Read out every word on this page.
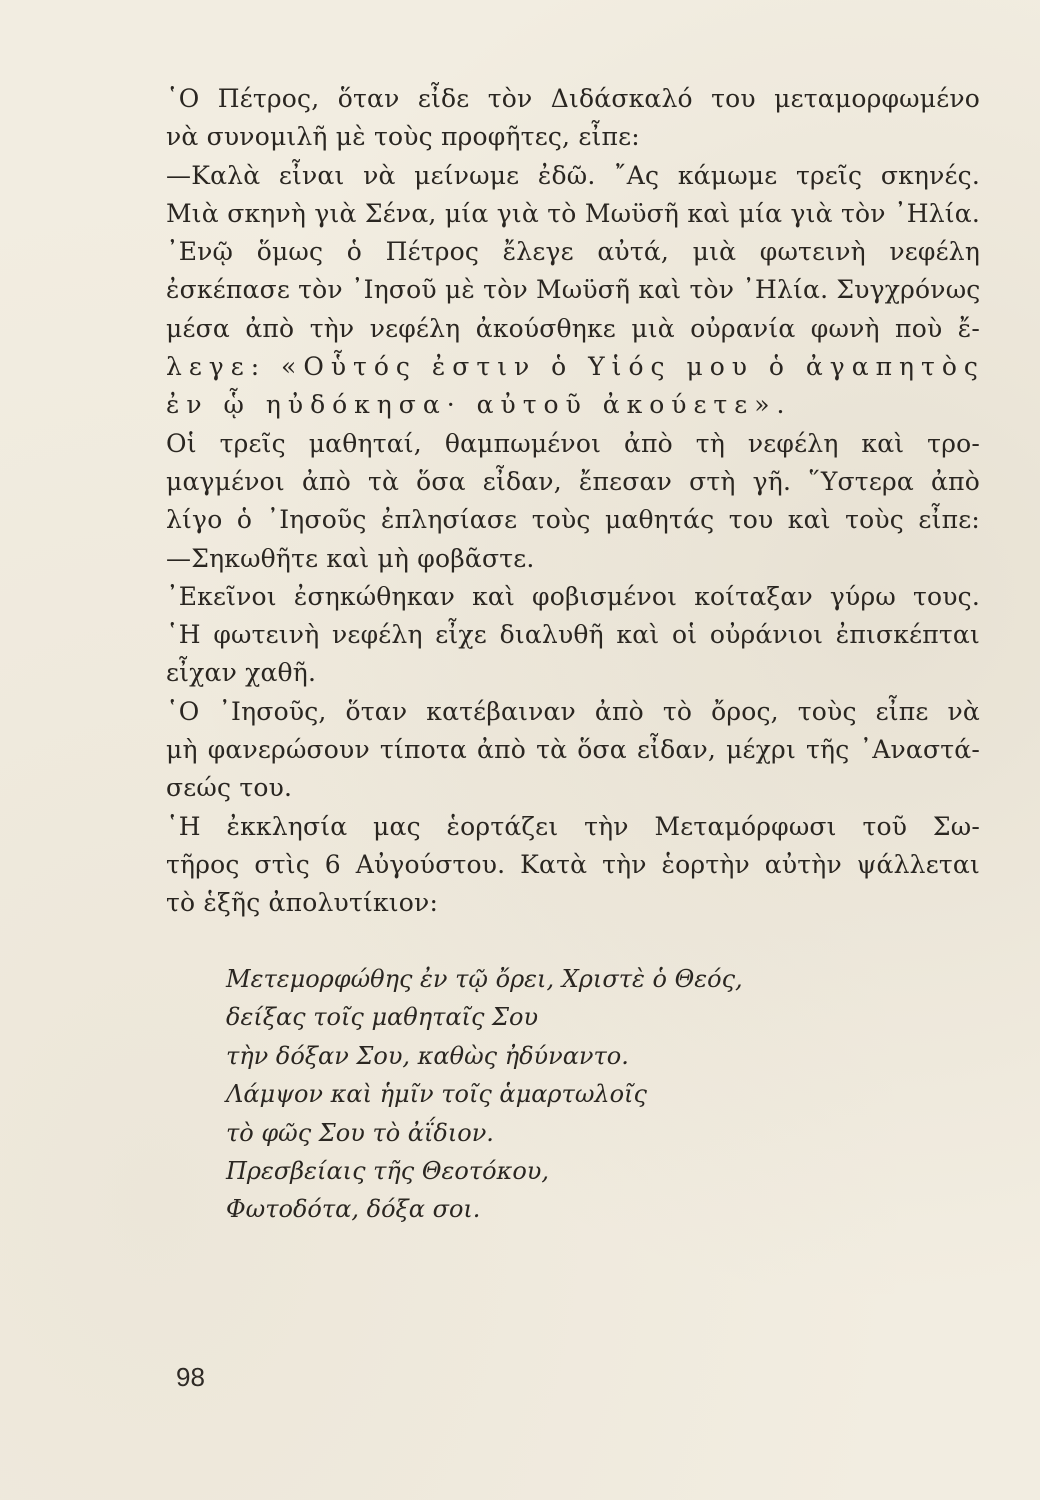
῾Ο Πέτρος, ὅταν εἶδε τὸν Διδάσκαλό του μεταμορφωμένο
νὰ συνομιλῆ μὲ τοὺς προφῆτες, εἶπε:
—Καλὰ εἶναι νὰ μείνωμε ἐδῶ. ῎Ας κάμωμε τρεῖς σκηνές.
Μιὰ σκηνὴ γιὰ Σένα, μία γιὰ τὸ Μωϋσῆ καὶ μία γιὰ τὸν ᾿Ηλία.
᾿Ενῷ ὅμως ὁ Πέτρος ἔλεγε αὐτά, μιὰ φωτεινὴ νεφέλη
ἐσκέπασε τὸν ᾿Ιησοῦ μὲ τὸν Μωϋσῆ καὶ τὸν ᾿Ηλία. Συγχρόνως
μέσα ἀπὸ τὴν νεφέλη ἀκούσθηκε μιὰ οὐρανία φωνὴ ποὺ ἔ-
λεγε: «Οὗτός ἐστιν ὁ Υἱός μου ὁ ἀγαπητὸς
ἐν ᾧ ηὐδόκησα· αὐτοῦ ἀκούετε».
Οἱ τρεῖς μαθηταί, θαμπωμένοι ἀπὸ τὴ νεφέλη καὶ τρο-
μαγμένοι ἀπὸ τὰ ὅσα εἶδαν, ἔπεσαν στὴ γῆ. ῞Υστερα ἀπὸ
λίγο ὁ ᾿Ιησοῦς ἐπλησίασε τοὺς μαθητάς του καὶ τοὺς εἶπε:
—Σηκωθῆτε καὶ μὴ φοβᾶστε.
᾿Εκεῖνοι ἐσηκώθηκαν καὶ φοβισμένοι κοίταξαν γύρω τους.
῾Η φωτεινὴ νεφέλη εἶχε διαλυθῆ καὶ οἱ οὐράνιοι ἐπισκέπται
εἶχαν χαθῆ.
῾Ο ᾿Ιησοῦς, ὅταν κατέβαιναν ἀπὸ τὸ ὄρος, τοὺς εἶπε νὰ
μὴ φανερώσουν τίποτα ἀπὸ τὰ ὅσα εἶδαν, μέχρι τῆς ᾿Αναστά-
σεώς του.
῾Η ἐκκλησία μας ἑορτάζει τὴν Μεταμόρφωσι τοῦ Σω-
τῆρος στὶς 6 Αὐγούστου. Κατὰ τὴν ἑορτὴν αὐτὴν ψάλλεται
τὸ ἑξῆς ἀπολυτίκιον:
Μετεμορφώθης ἐν τῷ ὄρει, Χριστὲ ὁ Θεός,
δείξας τοῖς μαθηταῖς Σου
τὴν δόξαν Σου, καθὼς ἠδύναντο.
Λάμψον καὶ ἡμῖν τοῖς ἁμαρτωλοῖς
τὸ φῶς Σου τὸ ἀΐδιον.
Πρεσβείαις τῆς Θεοτόκου,
Φωτοδότα, δόξα σοι.
98
